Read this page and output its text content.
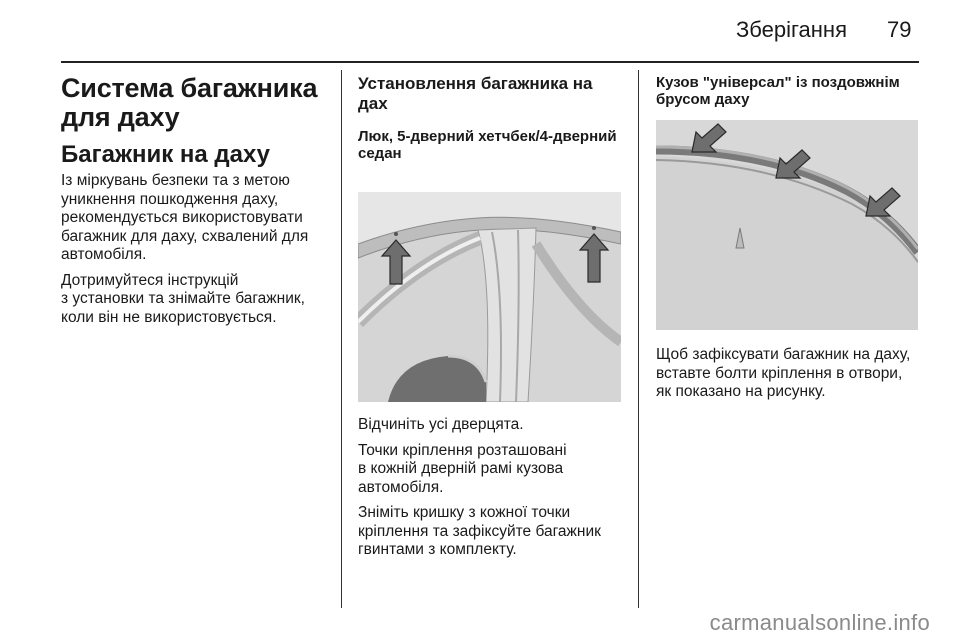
Зберігання 79
Система багажника для даху
Багажник на даху

Із міркувань безпеки та з метою
уникнення пошкодження даху,
рекомендується використовувати
багажник для даху, схвалений для
автомобіля.

Дотримуйтеся інструкцій
з установки та знімайте багажник,
коли він не використовується.

Установлення багажника на дах
Люк, 5-дверний хетчбек/4-дверний седан

Відчиніть усі дверцята.

Точки кріплення розташовані
в кожній дверній рамі кузова
автомобіля.

Зніміть кришку з кожної точки
кріплення та зафіксуйте багажник
гвинтами з комплекту.

Кузов "універсал" із поздовжнім брусом даху

Щоб зафіксувати багажник на даху,
вставте болти кріплення в отвори,
як показано на рисунку.

carmanualsonline.info
